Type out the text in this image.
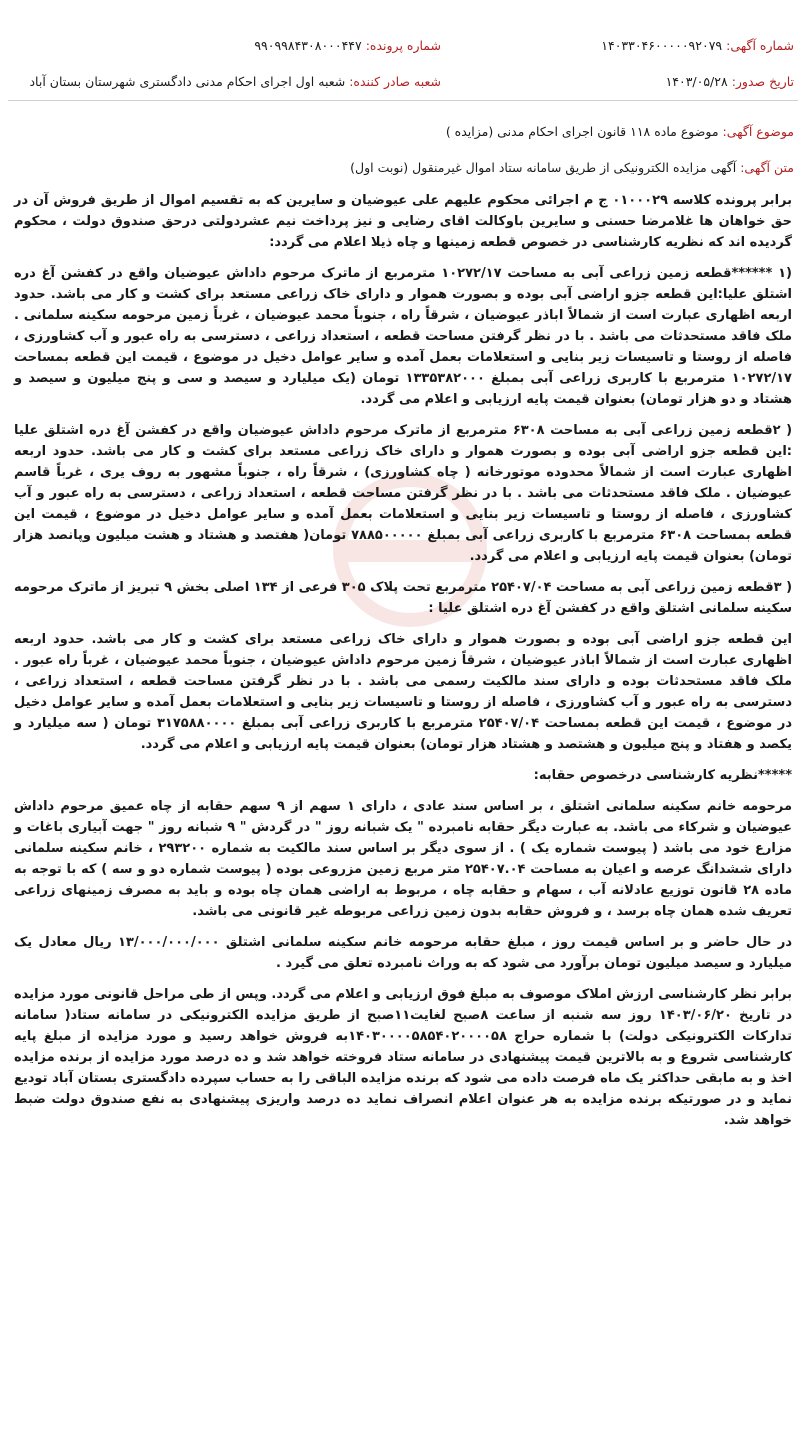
شماره آگهی: ۱۴۰۳۳۰۴۶۰۰۰۰۰۹۲۰۷۹
شماره پرونده: ۹۹۰۹۹۸۴۳۰۸۰۰۰۴۴۷
تاریخ صدور: ۱۴۰۳/۰۵/۲۸
شعبه صادر کننده: شعبه اول اجرای احکام مدنی دادگستری شهرستان بستان آباد
موضوع آگهی: موضوع ماده ۱۱۸ قانون اجرای احکام مدنی (مزایده )
متن آگهی: آگهی مزایده الکترونیکی از طریق سامانه ستاد اموال غیرمنقول (نوبت اول)

برابر پرونده کلاسه ۰۱۰۰۰۲۹ ج م اجرائی محکوم علیهم علی عیوضیان و سایرین که به تقسیم اموال از طریق فروش آن در حق خواهان ها غلامرضا حسنی و سایرین باوکالت اقای رضایی و نیز پرداخت نیم عشردولتی درحق صندوق دولت ، محکوم گردیده اند که نظریه کارشناسی در خصوص قطعه زمینها و چاه ذیلا اعلام می گردد:

(۱ ******قطعه زمین زراعی آبی به مساحت ۱۰۲۷۲/۱۷ مترمربع از ماترک مرحوم داداش عیوضیان واقع در کفشن آغ دره اشتلق علیا:این قطعه جزو اراضی آبی بوده و بصورت هموار و دارای خاک زراعی مستعد برای کشت و کار می باشد. حدود اربعه اظهاری عبارت است از شمالاً اباذر عیوضیان ، شرقاً راه ، جنوباً محمد عیوضیان ، غرباً زمین مرحومه سکینه سلمانی . ملک فاقد مستحدثات می باشد . با در نظر گرفتن مساحت قطعه ، استعداد زراعی ، دسترسی به راه عبور و آب کشاورزی ، فاصله از روستا و تاسیسات زیر بنایی و استعلامات بعمل آمده و سایر عوامل دخیل در موضوع ، قیمت این قطعه بمساحت ۱۰۲۷۲/۱۷ مترمربع با کاربری زراعی آبی بمبلغ ۱۳۳۵۳۸۲۰۰۰ تومان (یک میلیارد و سیصد و سی و پنج میلیون و سیصد و هشتاد و دو هزار تومان) بعنوان قیمت پایه ارزیابی و اعلام می گردد.

( ۲قطعه زمین زراعی آبی به مساحت ۶۳۰۸ مترمربع از ماترک مرحوم داداش عیوضیان واقع در کفشن آغ دره اشتلق علیا :این قطعه جزو اراضی آبی بوده و بصورت هموار و دارای خاک زراعی مستعد برای کشت و کار می باشد. حدود اربعه اظهاری عبارت است از شمالاً محدوده موتورخانه ( چاه کشاورزی) ، شرقاً راه ، جنوباً مشهور به روف یری ، غرباً قاسم عیوضیان . ملک فاقد مستحدثات می باشد . با در نظر گرفتن مساحت قطعه ، استعداد زراعی ، دسترسی به راه عبور و آب کشاورزی ، فاصله از روستا و تاسیسات زیر بنایی و استعلامات بعمل آمده و سایر عوامل دخیل در موضوع ، قیمت این قطعه بمساحت ۶۳۰۸ مترمربع با کاربری زراعی آبی بمبلغ ۷۸۸۵۰۰۰۰۰ تومان( هفتصد و هشتاد و هشت میلیون وپانصد هزار تومان) بعنوان قیمت پایه ارزیابی و اعلام می گردد.

( ۳قطعه زمین زراعی آبی به مساحت ۲۵۴۰۷/۰۴ مترمربع تحت پلاک ۳۰۵ فرعی از ۱۳۴ اصلی بخش ۹ تبریز از ماترک مرحومه سکینه سلمانی اشتلق واقع در کفشن آغ دره اشتلق علیا :

این قطعه جزو اراضی آبی بوده و بصورت هموار و دارای خاک زراعی مستعد برای کشت و کار می باشد. حدود اربعه اظهاری عبارت است از شمالاً اباذر عیوضیان ، شرقاً زمین مرحوم داداش عیوضیان ، جنوباً محمد عیوضیان ، غرباً راه عبور . ملک فاقد مستحدثات بوده و دارای سند مالکیت رسمی می باشد . با در نظر گرفتن مساحت قطعه ، استعداد زراعی ، دسترسی به راه عبور و آب کشاورزی ، فاصله از روستا و تاسیسات زیر بنایی و استعلامات بعمل آمده و سایر عوامل دخیل در موضوع ، قیمت این قطعه بمساحت ۲۵۴۰۷/۰۴ مترمربع با کاربری زراعی آبی بمبلغ ۳۱۷۵۸۸۰۰۰۰ تومان ( سه میلیارد و یکصد و هفتاد و پنج میلیون و هشتصد و هشتاد هزار تومان) بعنوان قیمت پایه ارزیابی و اعلام می گردد.

*****نظریه کارشناسی درخصوص حقابه:

مرحومه خانم سکینه سلمانی اشتلق ، بر اساس سند عادی ، دارای ۱ سهم از ۹ سهم حقابه از چاه عمیق مرحوم داداش عیوضیان و شرکاء می باشد. به عبارت دیگر حقابه نامبرده " یک شبانه روز " در گردش " ۹ شبانه روز " جهت آبیاری باغات و مزارع خود می باشد ( پیوست شماره یک ) . از سوی دیگر بر اساس سند مالکیت به شماره ۲۹۳۲۰۰ ، خانم سکینه سلمانی دارای ششدانگ عرصه و اعیان به مساحت ۲۵۴۰۷.۰۴ متر مربع زمین مزروعی بوده ( پیوست شماره دو و سه ) که با توجه به ماده ۲۸ قانون توزیع عادلانه آب ، سهام و حقابه چاه ، مربوط به اراضی همان چاه بوده و باید به مصرف زمینهای زراعی تعریف شده همان چاه برسد ، و فروش حقابه بدون زمین زراعی مربوطه غیر قانونی می باشد.

در حال حاضر و بر اساس قیمت روز ، مبلغ حقابه مرحومه خانم سکینه سلمانی اشتلق ۱۳/۰۰۰/۰۰۰/۰۰۰ ریال معادل یک میلیارد و سیصد میلیون تومان برآورد می شود که به وراث نامبرده تعلق می گیرد .

برابر نظر کارشناسی ارزش املاک موصوف به مبلغ فوق ارزیابی و اعلام می گردد. وپس از طی مراحل قانونی مورد مزایده در تاریخ ۱۴۰۳/۰۶/۲۰ روز سه شنبه از ساعت ۸صبح لغایت۱۱صبح از طریق مزایده الکترونیکی در سامانه ستاد( سامانه تدارکات الکترونیکی دولت) با شماره حراج ۱۴۰۳۰۰۰۰۵۸۵۴۰۲۰۰۰۰۵۸به فروش خواهد رسید و مورد مزایده از مبلغ پایه کارشناسی شروع و به بالاترین قیمت پیشنهادی در سامانه ستاد فروخته خواهد شد و ده درصد مورد مزایده از برنده مزایده اخذ و به مابقی حداکثر یک ماه فرصت داده می شود که برنده مزایده الباقی را به حساب سپرده دادگستری بستان آباد تودیع نماید و در صورتیکه برنده مزایده به هر عنوان اعلام انصراف نماید ده درصد واریزی پیشنهادی به نفع صندوق دولت ضبط خواهد شد.
